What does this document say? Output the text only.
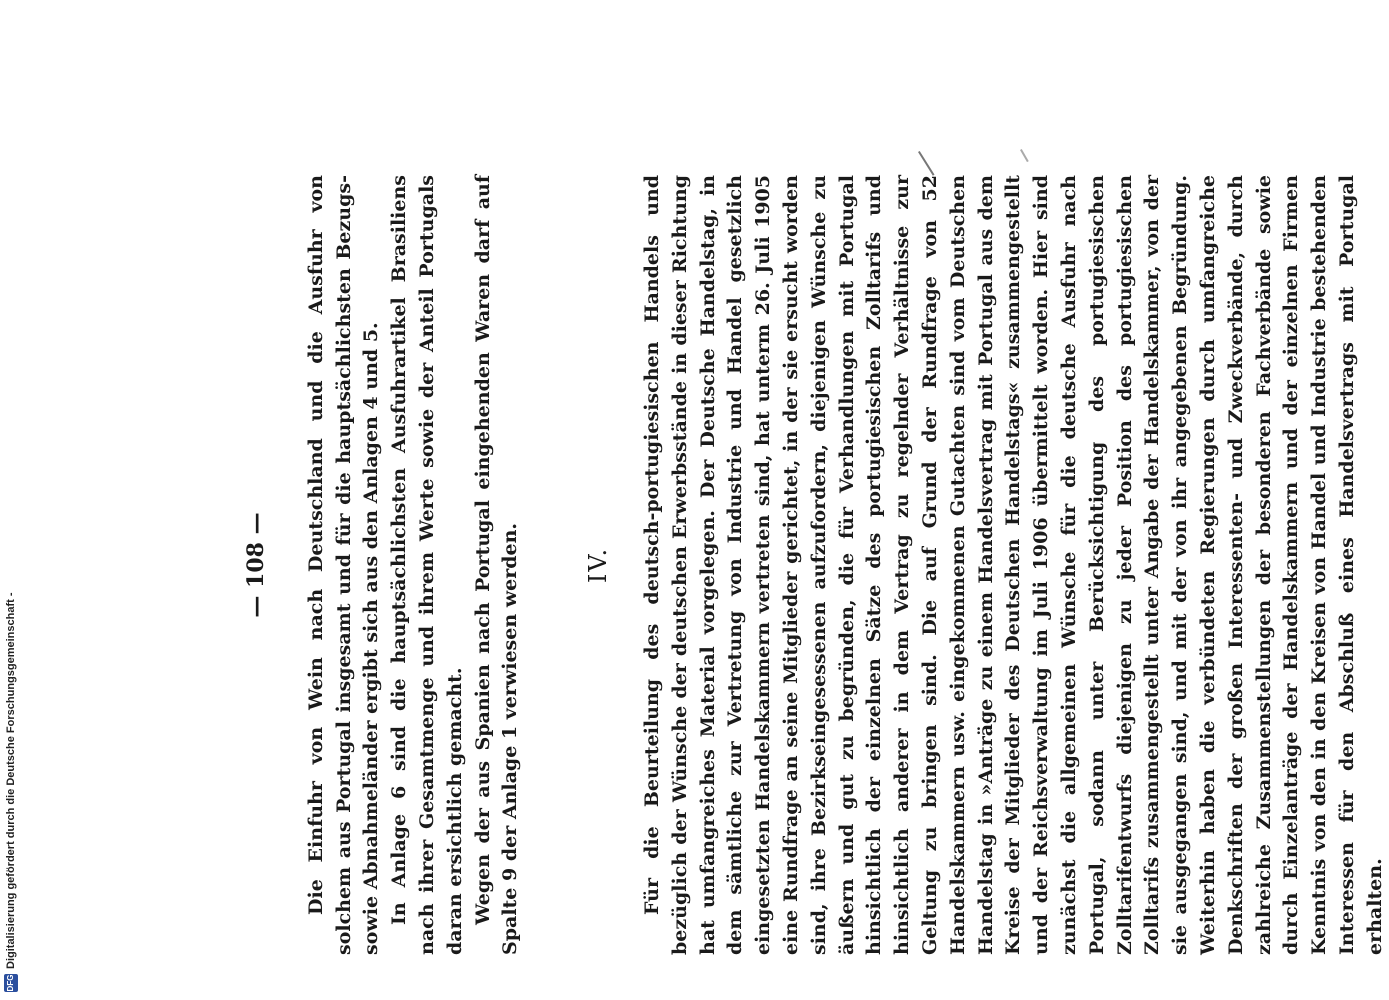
— 108 — Die Einfuhr von Wein nach Deutschland und die Ausfuhr von solchem aus Portugal insgesamt und für die hauptsächlichsten Bezugs- sowie Abnahmeländer ergibt sich aus den Anlagen 4 und 5. In Anlage 6 sind die hauptsächlichsten Ausfuhrartikel Brasiliens nach ihrer Gesamtmenge und ihrem Werte sowie der Anteil Portugals daran ersichtlich gemacht. Wegen der aus Spanien nach Portugal eingehenden Waren darf auf Spalte 9 der Anlage 1 verwiesen werden.	IV. Für die Beurteilung des deutsch-portugiesischen Handels und bezüglich der Wünsche der deutschen Erwerbsstände in dieser Richtung hat umfangreiches Material vorgelegen. Der Deutsche Handelstag, in dem sämtliche zur Vertretung von Industrie und Handel gesetzlich eingesetzten Handelskammern vertreten sind, hat unterm 26. Juli 1905 eine Rundfrage an seine Mitglieder gerichtet, in der sie ersucht worden sind, ihre Bezirkseingesessenen aufzufordern, diejenigen Wünsche zu äußern und gut zu begründen, die für Verhandlungen mit Portugal hinsichtlich der einzelnen Sätze des portugiesischen Zolltarifs und hinsichtlich anderer in dem Vertrag zu regelnder Verhältnisse zur Geltung zu bringen sind. Die auf Grund der Rundfrage von 52 Handelskammern usw. eingekommenen Gutachten sind vom Deutschen Handelstag in »Anträge zu einem Handelsvertrag mit Portugal aus dem Kreise der Mitglieder des Deutschen Handelstags« zusammengestellt und der Reichsverwaltung im Juli 1906 übermittelt worden. Hier sind zunächst die allgemeinen Wünsche für die deutsche Ausfuhr nach Portugal, sodann unter Berücksichtigung des portugiesischen Zolltarifentwurfs diejenigen zu jeder Position des portugiesischen Zolltarifs zusammengestellt unter Angabe der Handelskammer, von der sie ausgegangen sind, und mit der von ihr angegebenen Begründung. Weiterhin haben die verbündeten Regierungen durch umfangreiche Denkschriften der großen Interessenten- und Zweckverbände, durch zahlreiche Zusammenstellungen der besonderen Fachverbände sowie durch Einzelanträge der Handelskammern und der einzelnen Firmen Kenntnis von den in den Kreisen von Handel und Industrie bestehenden Interessen für den Abschluß eines Handelsvertrags mit Portugal erhalten.

DFG
Digitalisierung gefördert durch die Deutsche Forschungsgemeinschaft -
